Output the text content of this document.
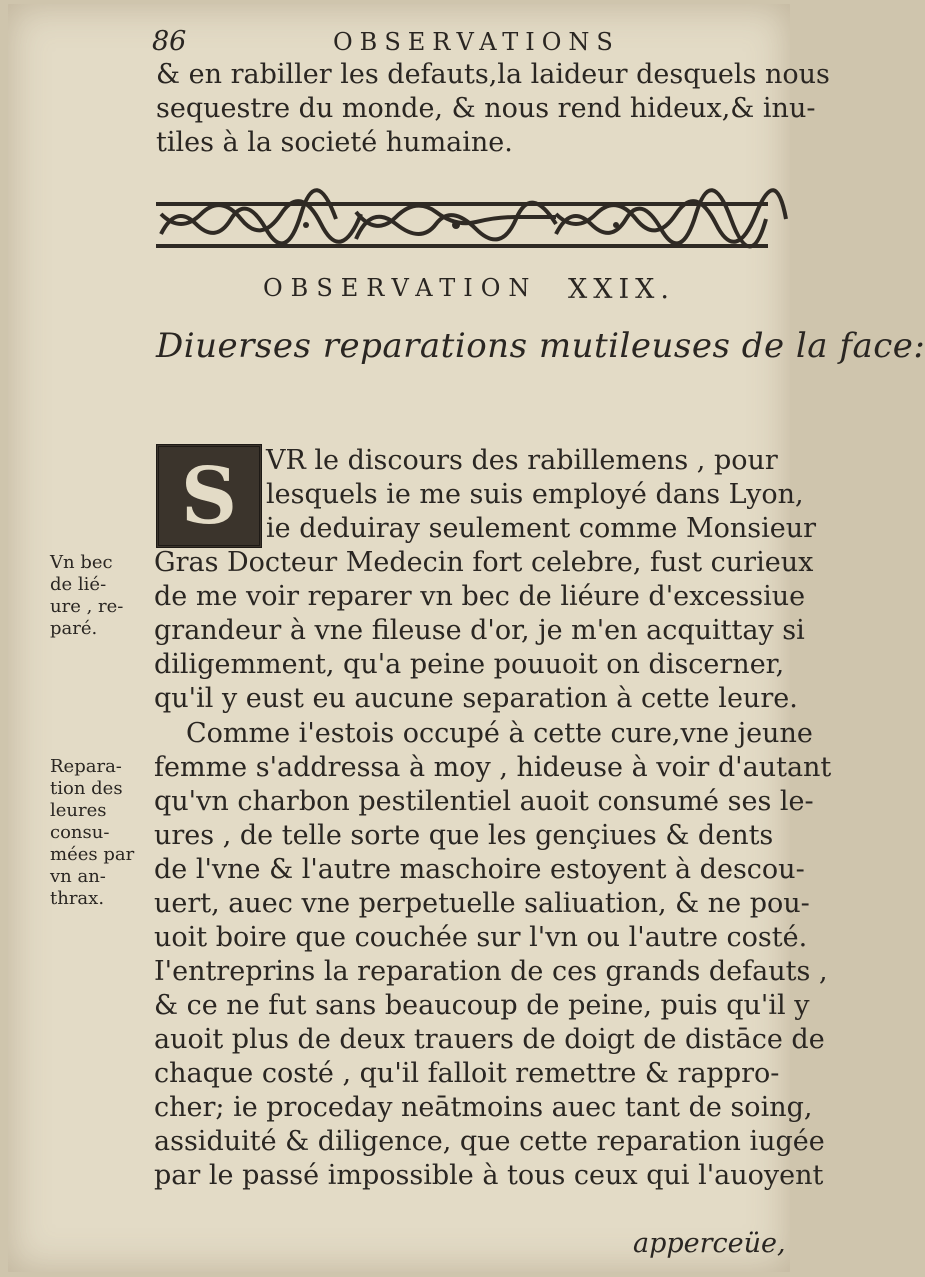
86	OBSERVATIONS
& en rabiller les defauts,la laideur desquels nous
sequestre du monde, & nous rend hideux,& inu-
tiles à la societé humaine.
OBSERVATION XXIX.
Diuerses reparations mutileuses de la face:
S	VR le discours des rabillemens , pour
lesquels ie me suis employé dans Lyon,
ie deduiray seulement comme Monsieur
Gras Docteur Medecin fort celebre, fust curieux
de me voir reparer vn bec de liéure d'excessiue
grandeur à vne fileuse d'or, je m'en acquittay si
diligemment, qu'a peine pouuoit on discerner,
qu'il y eust eu aucune separation à cette leure.
Comme i'estois occupé à cette cure,vne jeune
femme s'addressa à moy , hideuse à voir d'autant
qu'vn charbon pestilentiel auoit consumé ses le-
ures , de telle sorte que les gençiues & dents
de l'vne & l'autre maschoire estoyent à descou-
uert, auec vne perpetuelle saliuation, & ne pou-
uoit boire que couchée sur l'vn ou l'autre costé.
I'entreprins la reparation de ces grands defauts ,
& ce ne fut sans beaucoup de peine, puis qu'il y
auoit plus de deux trauers de doigt de distāce de
chaque costé , qu'il falloit remettre & rappro-
cher; ie proceday neātmoins auec tant de soing,
assiduité & diligence, que cette reparation iugée
par le passé impossible à tous ceux qui l'auoyent
Vn bec
de lié-
ure , re-
paré.
Repara-
tion des
leures
consu-
mées par
vn an-
thrax.
apperceüe,
